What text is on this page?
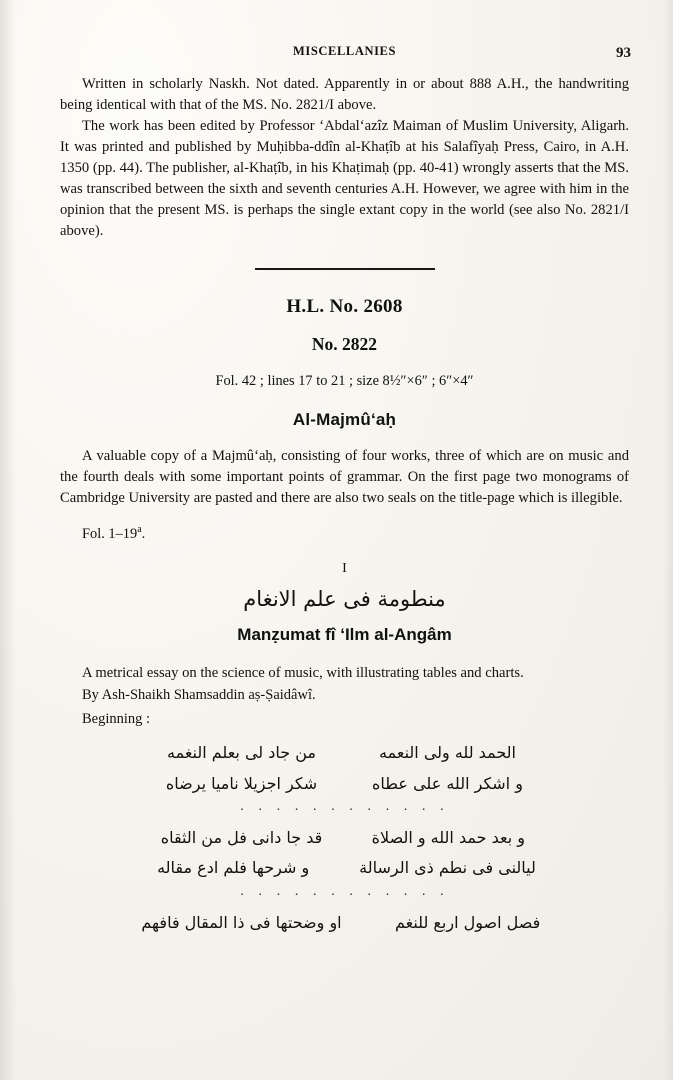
MISCELLANIES	93

Written in scholarly Naskh. Not dated. Apparently in or about 888 A.H., the handwriting being identical with that of the MS. No. 2821/I above.

The work has been edited by Professor ‘Abdal‘azîz Maiman of Muslim University, Aligarh. It was printed and published by Muḥibba-ddîn al-Khaṭîb at his Salafîyaḥ Press, Cairo, in A.H. 1350 (pp. 44). The publisher, al-Khaṭîb, in his Khaṭimaḥ (pp. 40-41) wrongly asserts that the MS. was transcribed between the sixth and seventh centuries A.H. However, we agree with him in the opinion that the present MS. is perhaps the single extant copy in the world (see also No. 2821/I above).

H.L. No. 2608
No. 2822
Fol. 42 ; lines 17 to 21 ; size 8½″×6″ ; 6″×4″
Al-Majmû‘aḥ

A valuable copy of a Majmû‘aḥ, consisting of four works, three of which are on music and the fourth deals with some important points of grammar. On the first page two monograms of Cambridge University are pasted and there are also two seals on the title-page which is illegible.

Fol. 1–19$^a$.

I
منطومة فى علم الانغام
Manẓumat fî ‘Ilm al-Angâm

A metrical essay on the science of music, with illustrating tables and charts.

By Ash-Shaikh Shamsaddin aṣ-Ṣaidâwî.

Beginning :

الحمد لله ولى النعمه
من جاد لى بعلم النغمه
و اشكر الله على عطاه
شكر اجزيلا ناميا يرضاه
· · · · · · · · · · · ·
و بعد حمد الله و الصلاة
قد جا دانى فل من الثقاه
ليالنى فى نطم ذى الرسالة
و شرحها فلم ادع مقاله
· · · · · · · · · · · ·
فصل اصول اربع للنغم
او وضحتها فى ذا المقال فافهم
